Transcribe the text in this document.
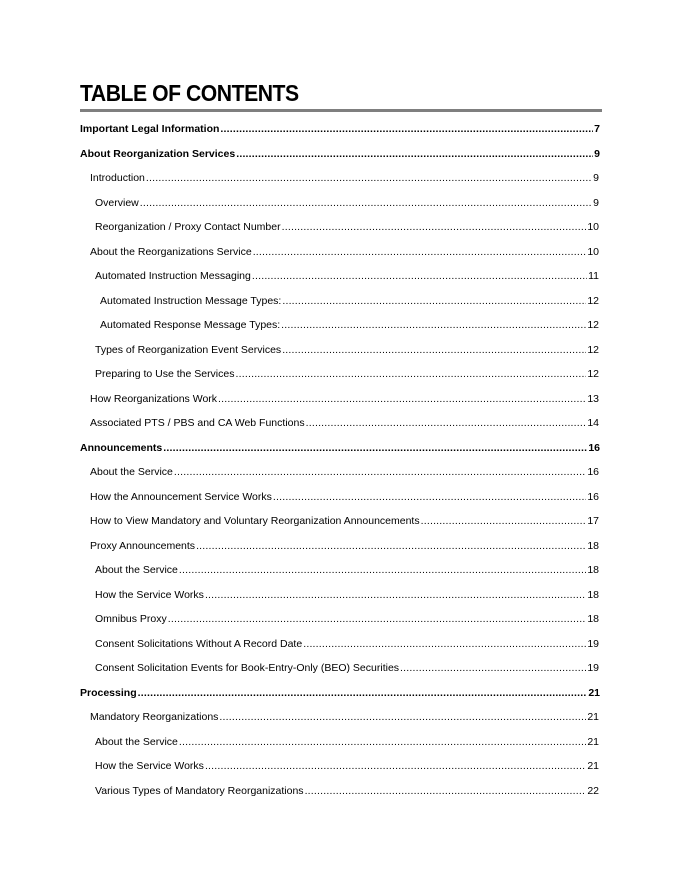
TABLE OF CONTENTS
Important Legal Information .....	7
About Reorganization Services .....	9
Introduction .....	9
Overview .....	9
Reorganization / Proxy Contact Number .....	10
About the Reorganizations Service .....	10
Automated Instruction Messaging .....	11
Automated Instruction Message Types: .....	12
Automated Response Message Types: .....	12
Types of Reorganization Event Services .....	12
Preparing to Use the Services .....	12
How Reorganizations Work .....	13
Associated PTS / PBS and CA Web Functions .....	14
Announcements .....	16
About the Service .....	16
How the Announcement Service Works .....	16
How to View Mandatory and Voluntary Reorganization Announcements .....	17
Proxy Announcements .....	18
About the Service .....	18
How the Service Works .....	18
Omnibus Proxy .....	18
Consent Solicitations Without A Record Date .....	19
Consent Solicitation Events for Book-Entry-Only (BEO) Securities .....	19
Processing .....	21
Mandatory Reorganizations .....	21
About the Service .....	21
How the Service Works .....	21
Various Types of Mandatory Reorganizations .....	22
